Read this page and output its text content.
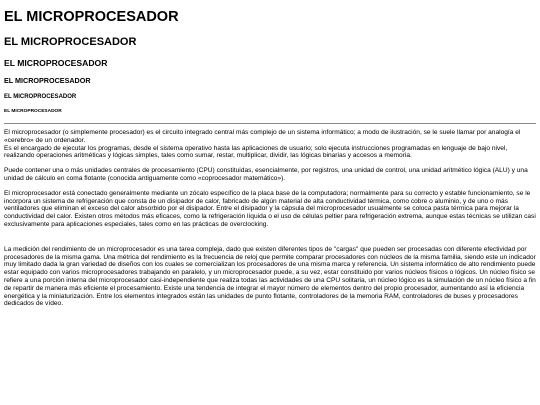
EL MICROPROCESADOR
EL MICROPROCESADOR
EL MICROPROCESADOR
EL MICROPROCESADOR
EL MICROPROCESADOR
EL MICROPROCESADOR

El microprocesador (o simplemente procesador) es el circuito integrado central más complejo de un sistema informático; a modo de ilustración, se le suele llamar por analogía el «cerebro» de un ordenador.

Es el encargado de ejecutar los programas, desde el sistema operativo hasta las aplicaciones de usuario; solo ejecuta instrucciones programadas en lenguaje de bajo nivel, realizando operaciones aritméticas y lógicas simples, tales como sumar, restar, multiplicar, dividir, las lógicas binarias y accesos a memoria.

Puede contener una o más unidades centrales de procesamiento (CPU) constituidas, esencialmente, por registros, una unidad de control, una unidad aritmético lógica (ALU) y una unidad de cálculo en coma flotante (conocida antiguamente como «coprocesador matemático»).

El microprocesador está conectado generalmente mediante un zócalo específico de la placa base de la computadora; normalmente para su correcto y estable funcionamiento, se le incorpora un sistema de refrigeración que consta de un disipador de calor, fabricado de algún material de alta conductividad térmica, como cobre o aluminio, y de uno o más ventiladores que eliminan el exceso del calor absorbido por el disipador. Entre el disipador y la cápsula del microprocesador usualmente se coloca pasta térmica para mejorar la conductividad del calor. Existen otros métodos más eficaces, como la refrigeración líquida o el uso de células peltier para refrigeración extrema, aunque estas técnicas se utilizan casi exclusivamente para aplicaciones especiales, tales como en las prácticas de overclocking.

La medición del rendimiento de un microprocesador es una tarea compleja, dado que existen diferentes tipos de "cargas" que pueden ser procesadas con diferente efectividad por procesadores de la misma gama. Una métrica del rendimiento es la frecuencia de reloj que permite comparar procesadores con núcleos de la misma familia, siendo este un indicador muy limitado dada la gran variedad de diseños con los cuales se comercializan los procesadores de una misma marca y referencia. Un sistema informático de alto rendimiento puede estar equipado con varios microprocesadores trabajando en paralelo, y un microprocesador puede, a su vez, estar constituido por varios núcleos físicos o lógicos. Un núcleo físico se refiere a una porción interna del microprocesador casi-independiente que realiza todas las actividades de una CPU solitaria, un núcleo lógico es la simulación de un núcleo físico a fin de repartir de manera más eficiente el procesamiento. Existe una tendencia de integrar el mayor número de elementos dentro del propio procesador, aumentando así la eficiencia energética y la miniaturización. Entre los elementos integrados están las unidades de punto flotante, controladores de la memoria RAM, controladores de buses y procesadores dedicados de vídeo.
